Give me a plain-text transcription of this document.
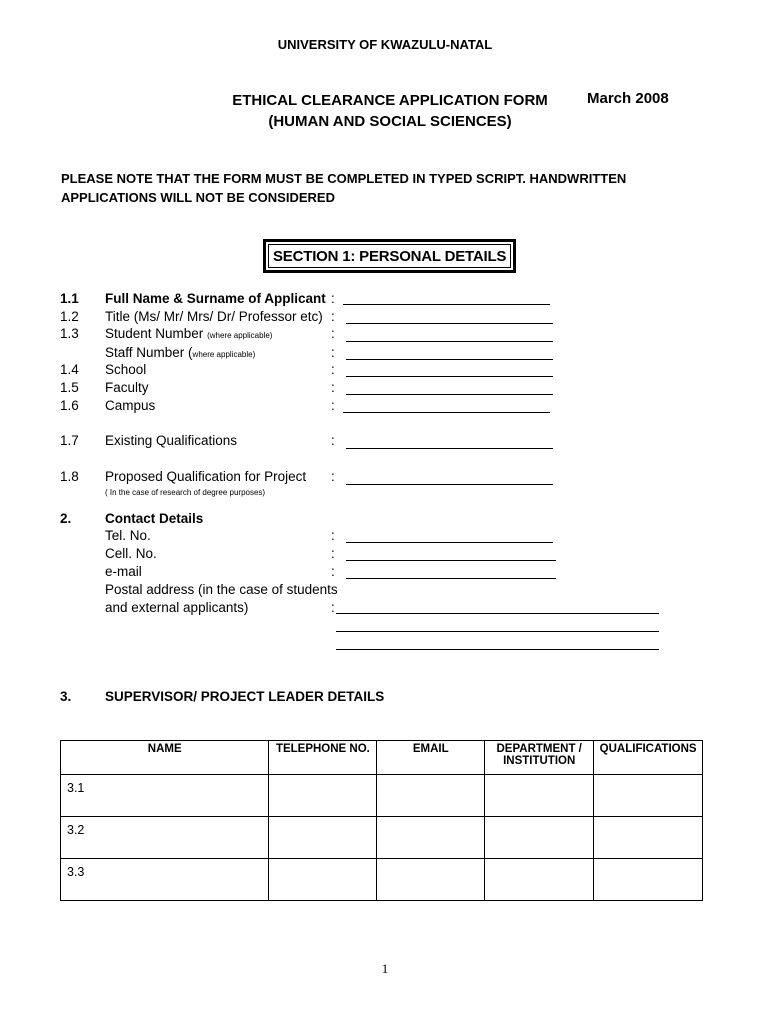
UNIVERSITY OF KWAZULU-NATAL
ETHICAL CLEARANCE APPLICATION FORM
(HUMAN AND SOCIAL SCIENCES)
March 2008
PLEASE NOTE THAT THE FORM MUST BE COMPLETED IN TYPED SCRIPT. HANDWRITTEN APPLICATIONS WILL NOT BE CONSIDERED
SECTION 1: PERSONAL DETAILS
1.1 Full Name & Surname of Applicant :
1.2 Title (Ms/ Mr/ Mrs/ Dr/ Professor etc) :
1.3 Student Number (where applicable)	:
Staff Number (where applicable)	:
1.4 School	:
1.5 Faculty	:
1.6 Campus	:
1.7 Existing Qualifications	:
1.8 Proposed Qualification for Project :
( In the case of research of degree purposes)
2. Contact Details
Tel. No.	:
Cell. No.	:
e-mail	:
Postal address (in the case of students
and external applicants)	:
3. SUPERVISOR/ PROJECT LEADER DETAILS
NAME	TELEPHONE NO.	EMAIL	DEPARTMENT / INSTITUTION	QUALIFICATIONS
3.1				
3.2				
3.3				
1
